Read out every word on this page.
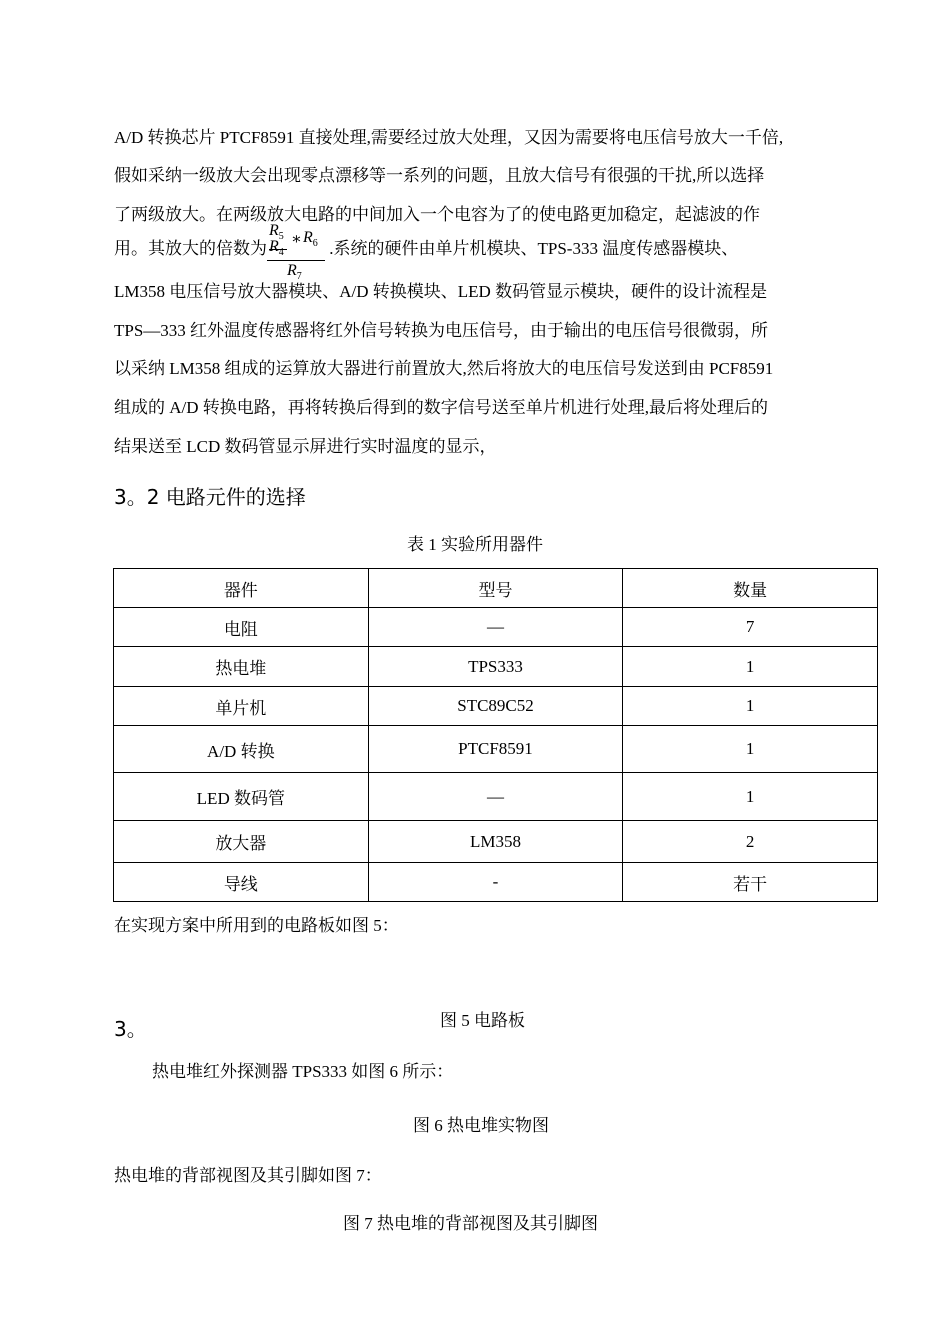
A/D 转换芯片 PTCF8591 直接处理,需要经过放大处理，又因为需要将电压信号放大一千倍,
假如采纳一级放大会出现零点漂移等一系列的问题，且放大信号有很强的干扰,所以选择
了两级放大。在两级放大电路的中间加入一个电容为了的使电路更加稳定，起滤波的作
用。其放大的倍数为
$R_5$
$R_4$
∗ $R_6$
$R_7$
.系统的硬件由单片机模块、TPS-333 温度传感器模块、
LM358 电压信号放大器模块、A/D 转换模块、LED 数码管显示模块，硬件的设计流程是
TPS—333 红外温度传感器将红外信号转换为电压信号，由于输出的电压信号很微弱，所
以采纳 LM358 组成的运算放大器进行前置放大,然后将放大的电压信号发送到由 PCF8591
组成的 A/D 转换电路，再将转换后得到的数字信号送至单片机进行处理,最后将处理后的
结果送至 LCD 数码管显示屏进行实时温度的显示，
3。2 电路元件的选择
表 1 实验所用器件
器件	型号	数量
电阻	—	7
热电堆	TPS333	1
单片机	STC89C52	1
A/D 转换	PTCF8591	1
LED 数码管	—	1
放大器	LM358	2
导线	-	若干
在实现方案中所用到的电路板如图 5：
3。	图 5 电路板
热电堆红外探测器 TPS333 如图 6 所示：
图 6 热电堆实物图
热电堆的背部视图及其引脚如图 7：
图 7 热电堆的背部视图及其引脚图
